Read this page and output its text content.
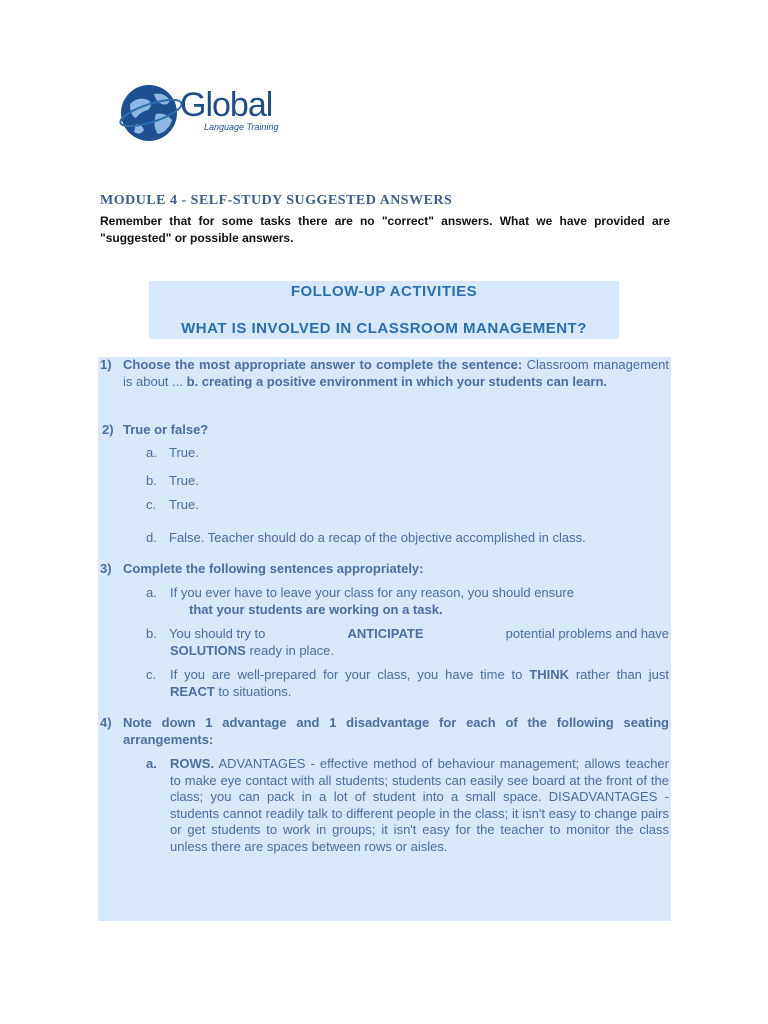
Global
Language Training
MODULE 4 - SELF-STUDY SUGGESTED ANSWERS
Remember that for some tasks there are no "correct" answers. What we have provided are "suggested" or possible answers.
FOLLOW-UP ACTIVITIES
WHAT IS INVOLVED IN CLASSROOM MANAGEMENT?
1) Choose the most appropriate answer to complete the sentence: Classroom management is about ... b. creating a positive environment in which your students can learn.
2) True or false?
a. True.
b. True.
c. True.
d. False. Teacher should do a recap of the objective accomplished in class.
3) Complete the following sentences appropriately:
a. If you ever have to leave your class for any reason, you should ensure
that your students are working on a task.
b. You should try to	ANTICIPATE	potential problems and have
SOLUTIONS ready in place.
c. If you are well-prepared for your class, you have time to THINK rather than just REACT to situations.
4) Note down 1 advantage and 1 disadvantage for each of the following seating arrangements:
a. ROWS. ADVANTAGES - effective method of behaviour management; allows teacher to make eye contact with all students; students can easily see board at the front of the class; you can pack in a lot of student into a small space. DISADVANTAGES - students cannot readily talk to different people in the class; it isn't easy to change pairs or get students to work in groups; it isn't easy for the teacher to monitor the class unless there are spaces between rows or aisles.
